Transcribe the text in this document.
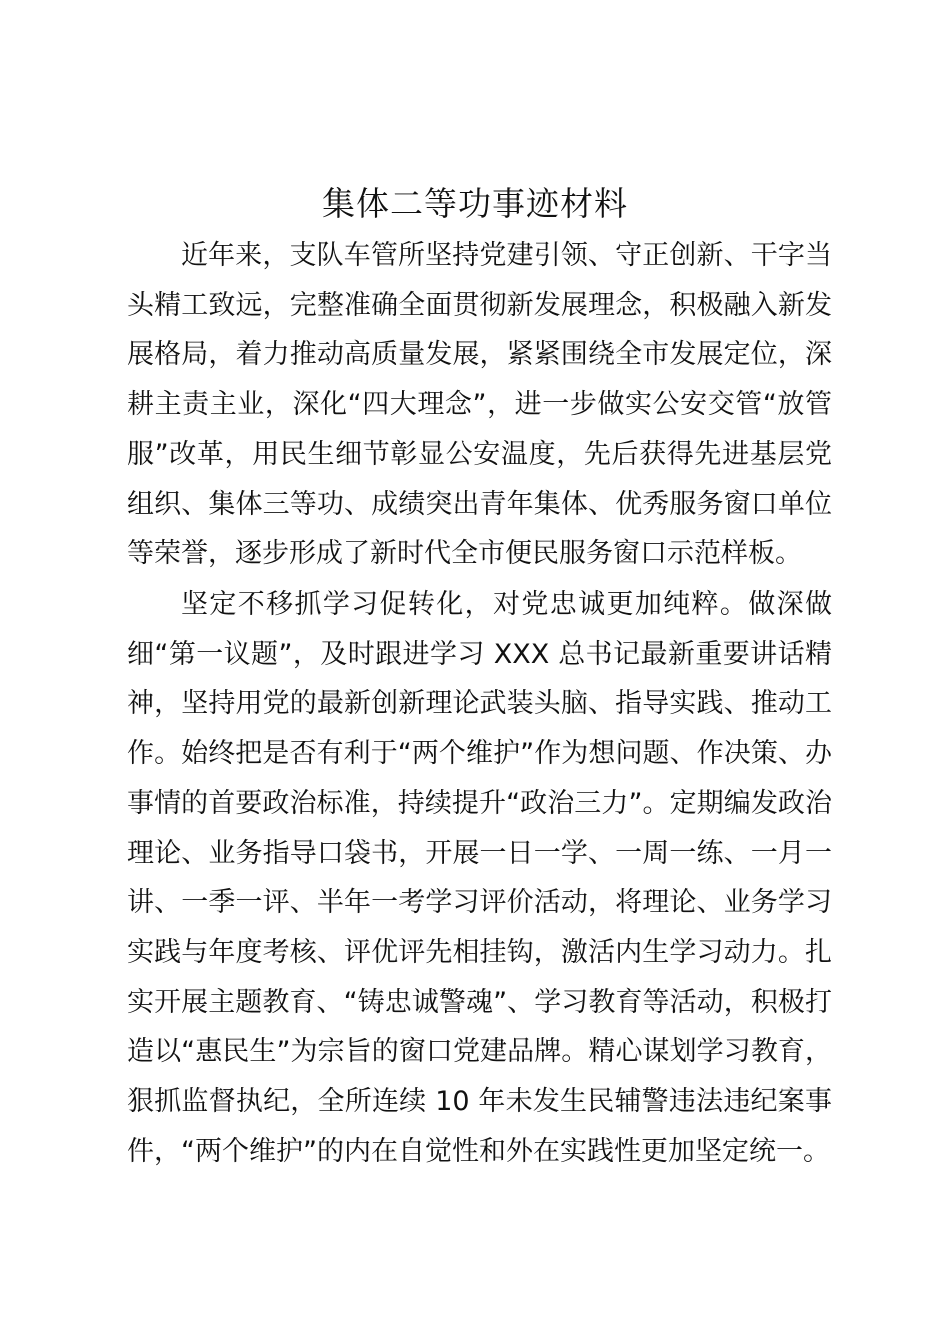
集体二等功事迹材料

近年来，支队车管所坚持党建引领、守正创新、干字当头精工致远，完整准确全面贯彻新发展理念，积极融入新发展格局，着力推动高质量发展，紧紧围绕全市发展定位，深耕主责主业，深化“四大理念”，进一步做实公安交管“放管服”改革，用民生细节彰显公安温度，先后获得先进基层党组织、集体三等功、成绩突出青年集体、优秀服务窗口单位等荣誉，逐步形成了新时代全市便民服务窗口示范样板。

坚定不移抓学习促转化，对党忠诚更加纯粹。做深做细“第一议题”，及时跟进学习 XXX 总书记最新重要讲话精神，坚持用党的最新创新理论武装头脑、指导实践、推动工作。始终把是否有利于“两个维护”作为想问题、作决策、办事情的首要政治标准，持续提升“政治三力”。定期编发政治理论、业务指导口袋书，开展一日一学、一周一练、一月一讲、一季一评、半年一考学习评价活动，将理论、业务学习实践与年度考核、评优评先相挂钩，激活内生学习动力。扎实开展主题教育、“铸忠诚警魂”、学习教育等活动，积极打造以“惠民生”为宗旨的窗口党建品牌。精心谋划学习教育，狠抓监督执纪，全所连续 10 年未发生民辅警违法违纪案事件，“两个维护”的内在自觉性和外在实践性更加坚定统一。
